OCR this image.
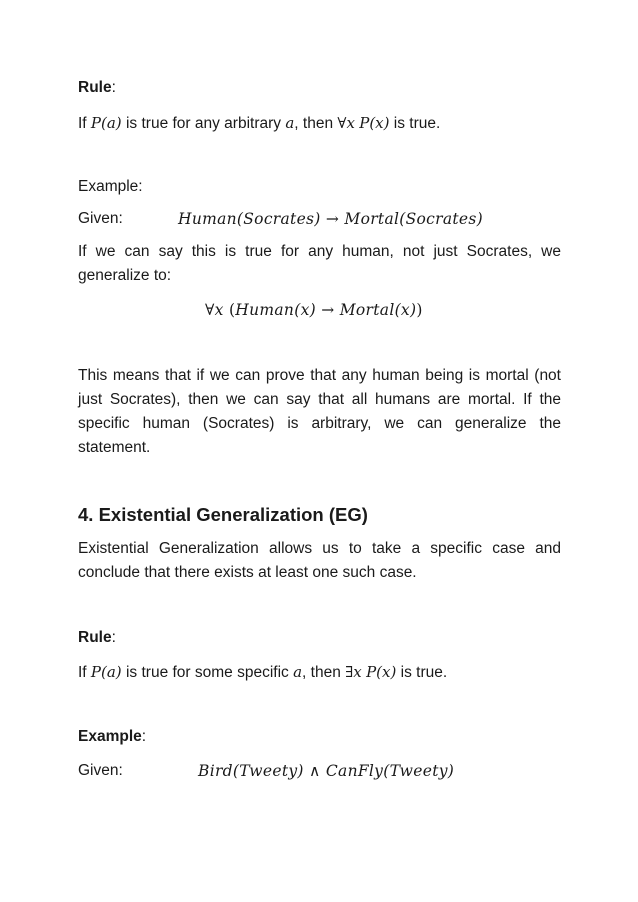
Rule:

If P(a) is true for any arbitrary a, then ∀x P(x) is true.

Example:

Given:	Human(Socrates) → Mortal(Socrates)

If we can say this is true for any human, not just Socrates, we generalize to:

∀x (Human(x) → Mortal(x))

This means that if we can prove that any human being is mortal (not just Socrates), then we can say that all humans are mortal. If the specific human (Socrates) is arbitrary, we can generalize the statement.

4. Existential Generalization (EG)

Existential Generalization allows us to take a specific case and conclude that there exists at least one such case.

Rule:

If P(a) is true for some specific a, then ∃x P(x) is true.

Example:

Given:	Bird(Tweety) ∧ CanFly(Tweety)
